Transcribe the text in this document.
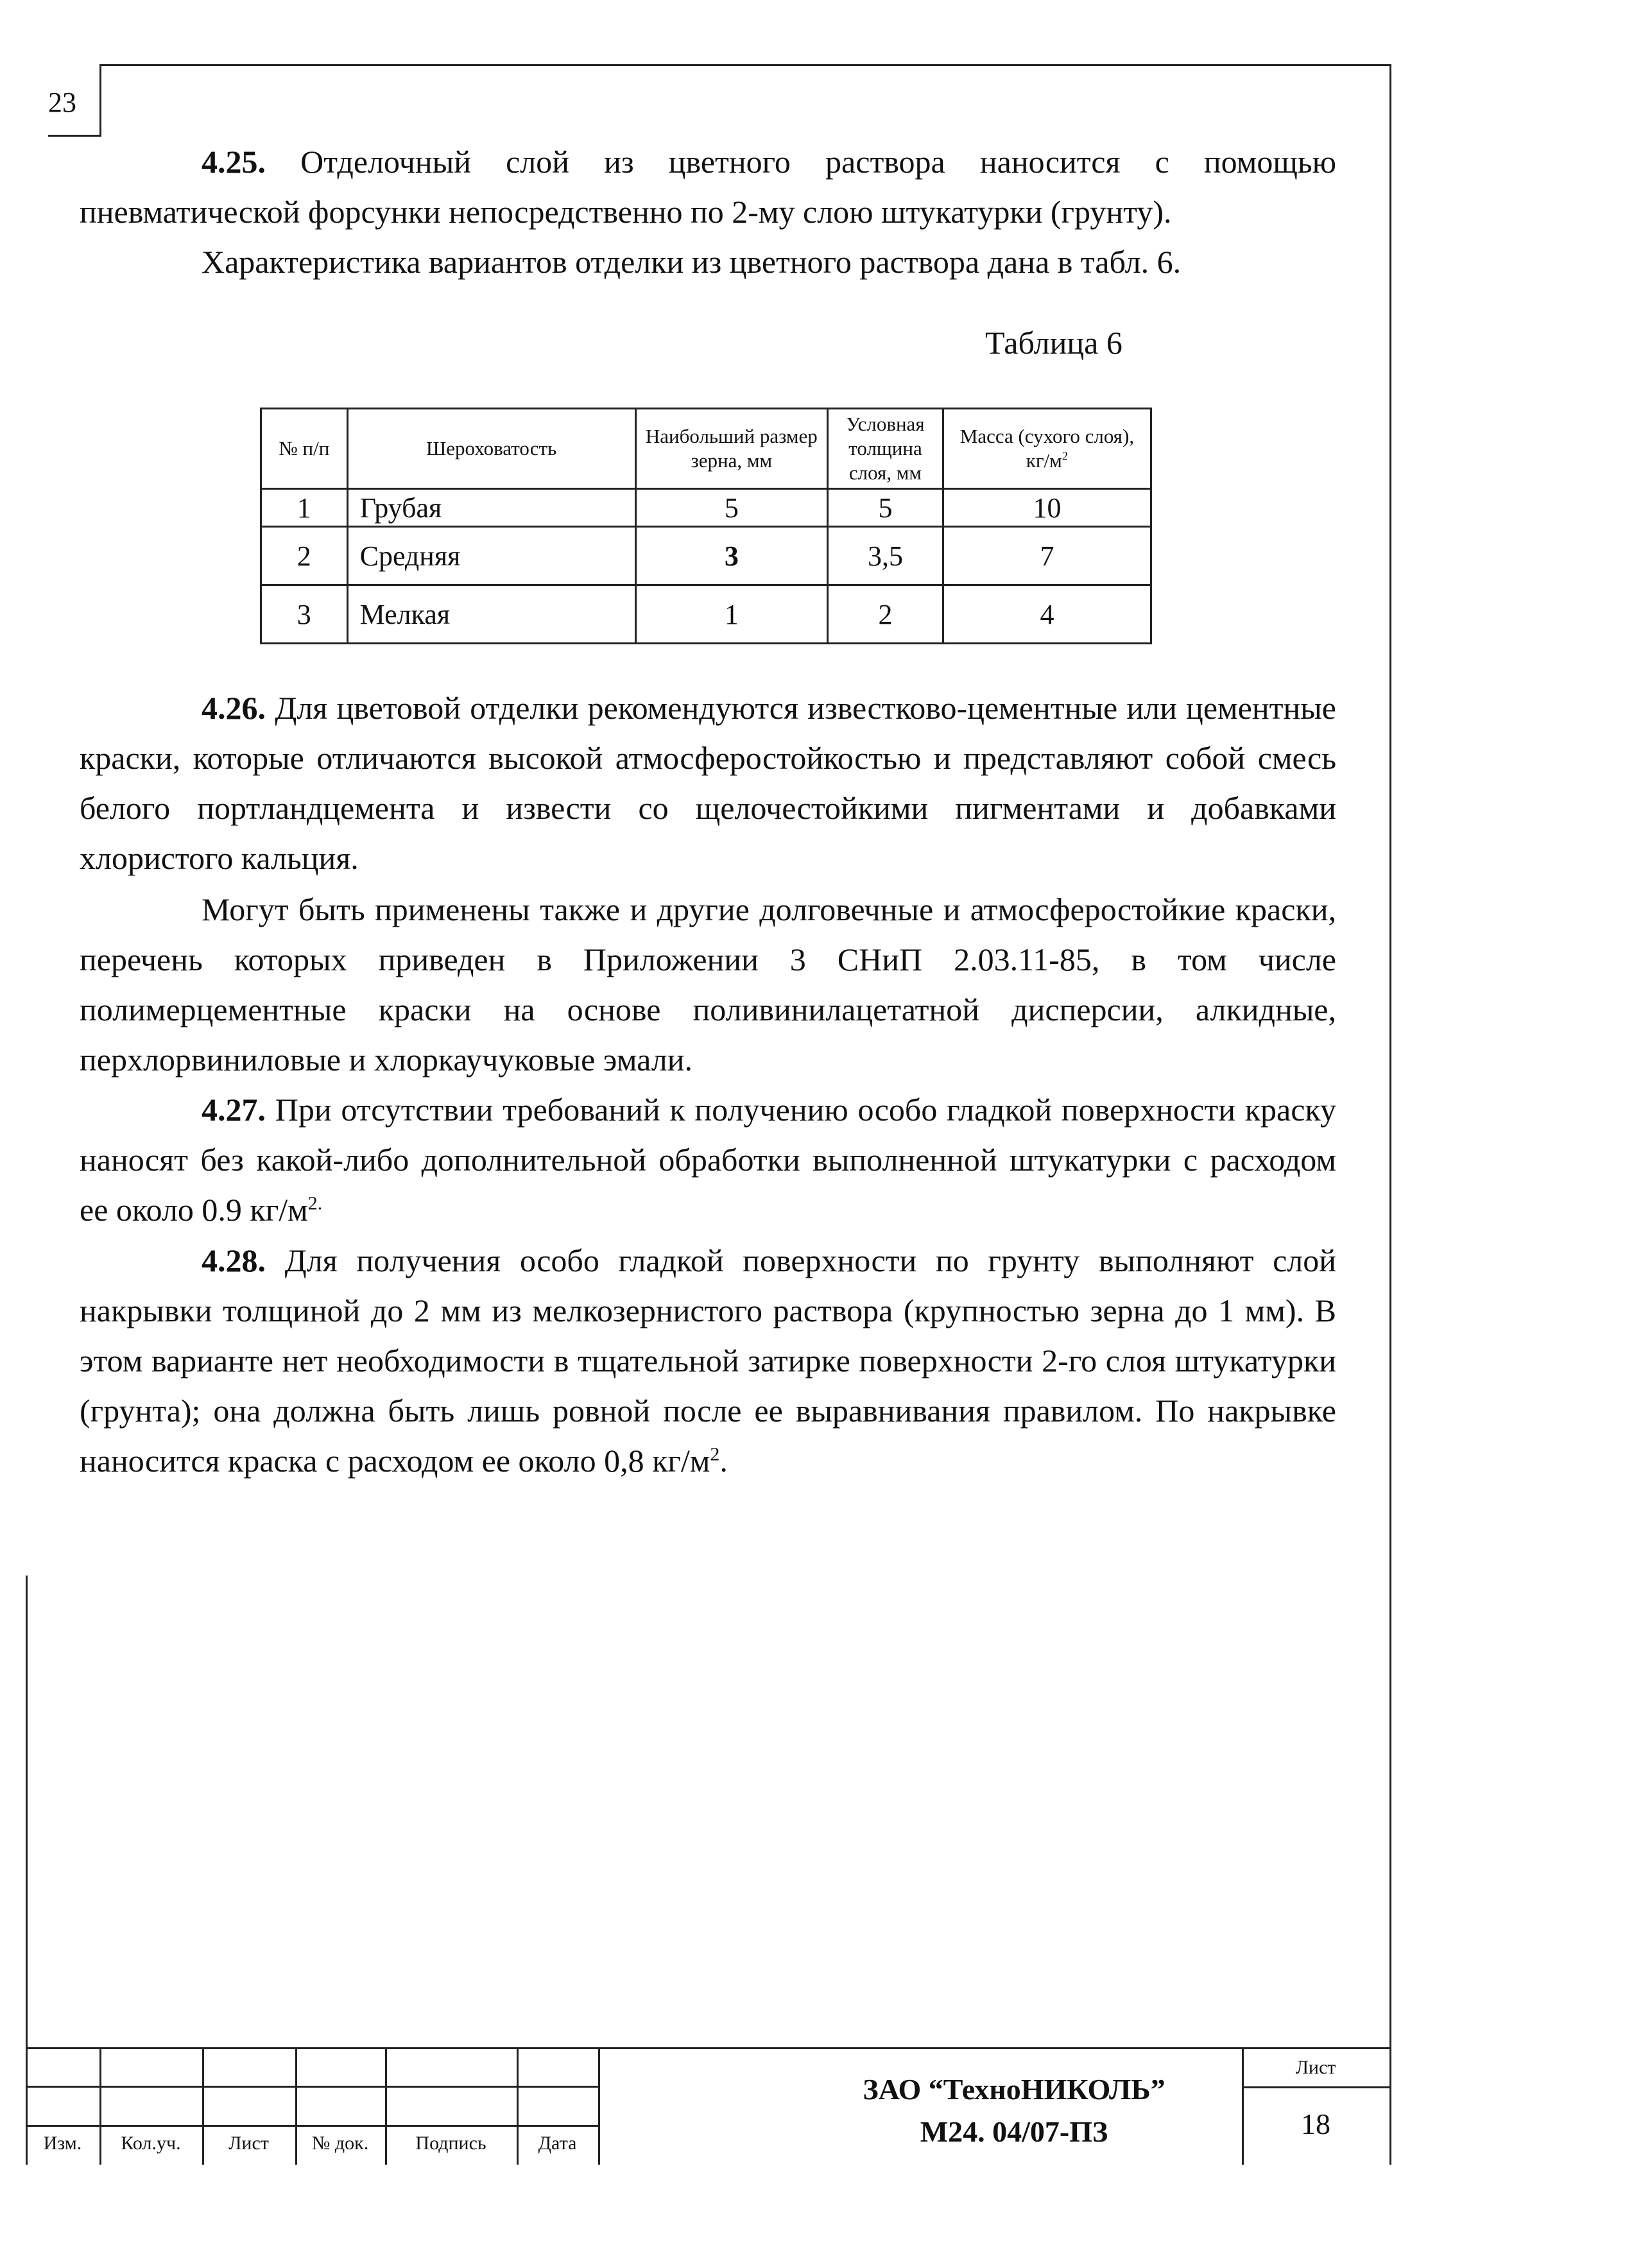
23

4.25. Отделочный слой из цветного раствора наносится с помощью пневматической форсунки непосредственно по 2-му слою штукатурки (грунту).

Характеристика вариантов отделки из цветного раствора дана в табл. 6.

Таблица 6
№ п/п	Шероховатость	Наибольший размер зерна, мм	Условная толщина слоя, мм	Масса (сухого слоя), $кг/м^2$
1	Грубая	5	5	10
2	Средняя	3	3,5	7
3	Мелкая	1	2	4

4.26. Для цветовой отделки рекомендуются известково-цементные или цементные краски, которые отличаются высокой атмосферостойкостью и представляют собой смесь белого портландцемента и извести со щелочестойкими пигментами и добавками хлористого кальция.

Могут быть применены также и другие долговечные и атмосферостойкие краски, перечень которых приведен в Приложении 3 СНиП 2.03.11-85, в том числе полимерцементные краски на основе поливинилацетатной дисперсии, алкидные, перхлорвиниловые и хлоркаучуковые эмали.

4.27. При отсутствии требований к получению особо гладкой поверхности краску наносят без какой-либо дополнительной обработки выполненной штукатурки с расходом ее около 0.9 $кг/м^{2.}$

4.28. Для получения особо гладкой поверхности по грунту выполняют слой накрывки толщиной до 2 мм из мелкозернистого раствора (крупностью зерна до 1 мм). В этом варианте нет необходимости в тщательной затирке поверхности 2-го слоя штукатурки (грунта); она должна быть лишь ровной после ее выравнивания правилом. По накрывке наносится краска с расходом ее около 0,8 $кг/м^2$.

Изм.	Кол.уч.	Лист	№ док.	Подпись	Дата
ЗАО “ТехноНИКОЛЬ”
М24. 04/07-ПЗ
Лист
18
